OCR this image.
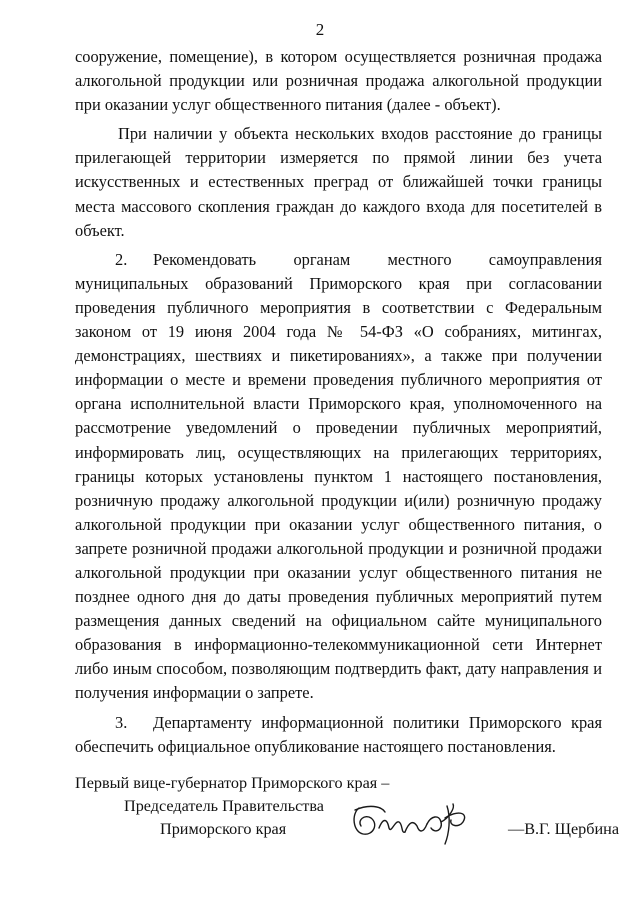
2

сооружение, помещение), в котором осуществляется розничная продажа алкогольной продукции или розничная продажа алкогольной продукции при оказании услуг общественного питания (далее - объект).

При наличии у объекта нескольких входов расстояние до границы прилегающей территории измеряется по прямой линии без учета искусственных и естественных преград от ближайшей точки границы места массового скопления граждан до каждого входа для посетителей в объект.

2. Рекомендовать органам местного самоуправления муниципальных образований Приморского края при согласовании проведения публичного мероприятия в соответствии с Федеральным законом от 19 июня 2004 года № 54-ФЗ «О собраниях, митингах, демонстрациях, шествиях и пикетированиях», а также при получении информации о месте и времени проведения публичного мероприятия от органа исполнительной власти Приморского края, уполномоченного на рассмотрение уведомлений о проведении публичных мероприятий, информировать лиц, осуществляющих на прилегающих территориях, границы которых установлены пунктом 1 настоящего постановления, розничную продажу алкогольной продукции и(или) розничную продажу алкогольной продукции при оказании услуг общественного питания, о запрете розничной продажи алкогольной продукции и розничной продажи алкогольной продукции при оказании услуг общественного питания не позднее одного дня до даты проведения публичных мероприятий путем размещения данных сведений на официальном сайте муниципального образования в информационно-телекоммуникационной сети Интернет либо иным способом, позволяющим подтвердить факт, дату направления и получения информации о запрете.

3. Департаменту информационной политики Приморского края обеспечить официальное опубликование настоящего постановления.

Первый вице-губернатор Приморского края –
Председатель Правительства
Приморского края	—В.Г. Щербина
